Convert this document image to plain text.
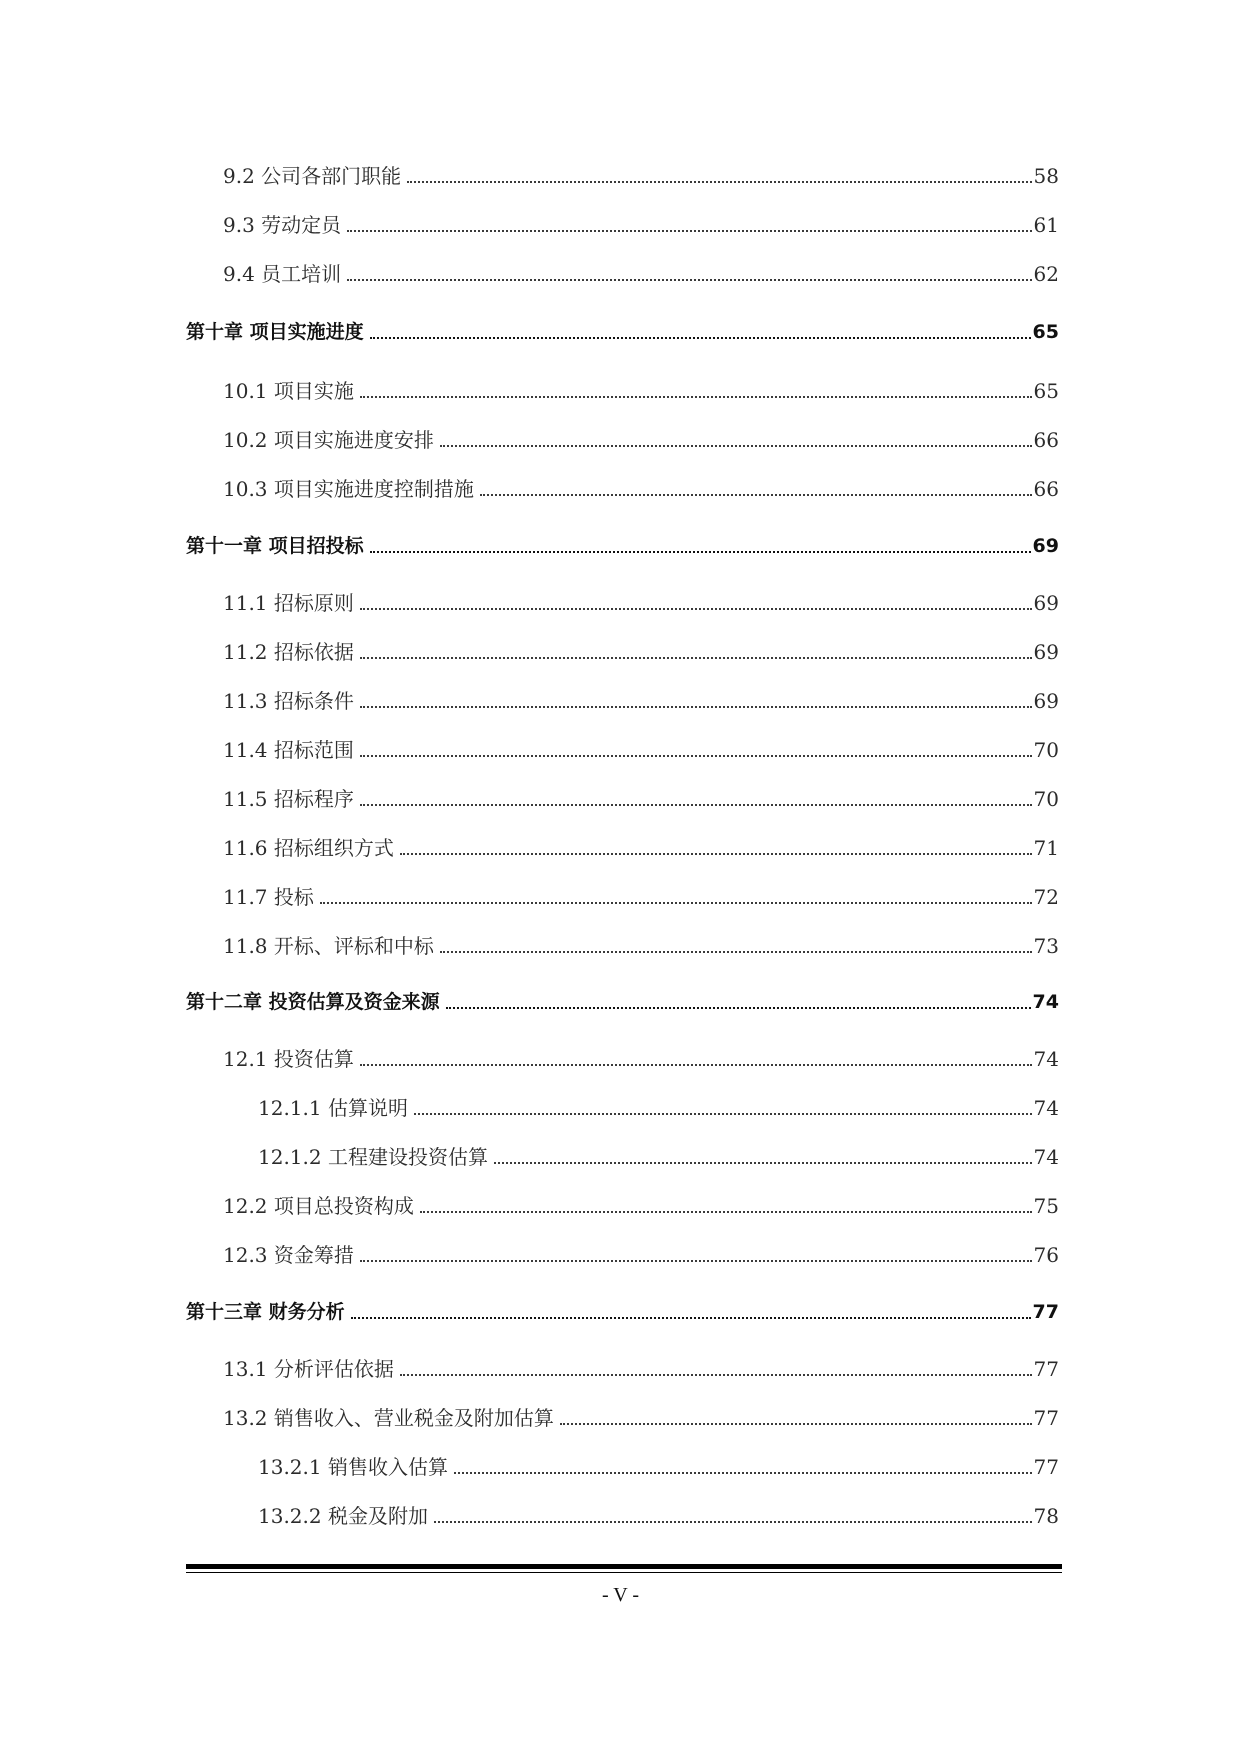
9.2 公司各部门职能	58
9.3 劳动定员	61
9.4 员工培训	62
第十章 项目实施进度	65
10.1 项目实施	65
10.2 项目实施进度安排	66
10.3 项目实施进度控制措施	66
第十一章 项目招投标	69
11.1 招标原则	69
11.2 招标依据	69
11.3 招标条件	69
11.4 招标范围	70
11.5 招标程序	70
11.6 招标组织方式	71
11.7 投标	72
11.8 开标、评标和中标	73
第十二章 投资估算及资金来源	74
12.1 投资估算	74
12.1.1 估算说明	74
12.1.2 工程建设投资估算	74
12.2 项目总投资构成	75
12.3 资金筹措	76
第十三章 财务分析	77
13.1 分析评估依据	77
13.2 销售收入、营业税金及附加估算	77
13.2.1 销售收入估算	77
13.2.2 税金及附加	78
- V -
